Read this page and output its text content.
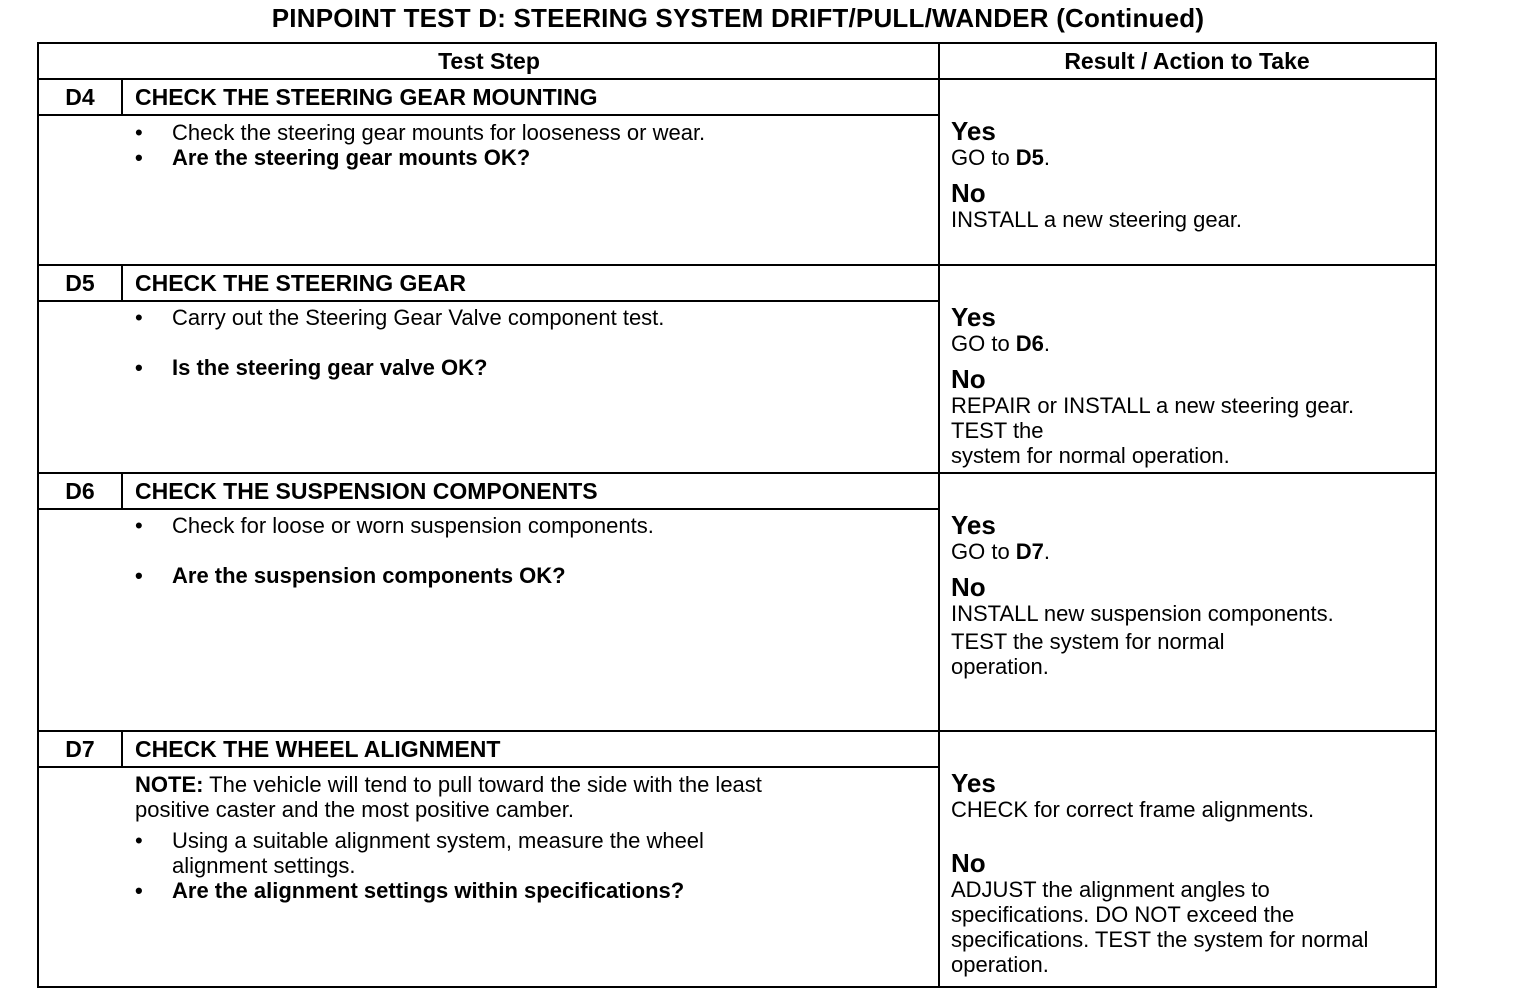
PINPOINT TEST D: STEERING SYSTEM DRIFT/PULL/WANDER (Continued)
Test Step	Result / Action to Take
D4	CHECK THE STEERING GEAR MOUNTING
• Check the steering gear mounts for looseness or wear.
• Are the steering gear mounts OK?
Yes
GO to D5.
No
INSTALL a new steering gear.
D5	CHECK THE STEERING GEAR
• Carry out the Steering Gear Valve component test.
• Is the steering gear valve OK?
Yes
GO to D6.
No
REPAIR or INSTALL a new steering gear.
TEST the
system for normal operation.
D6	CHECK THE SUSPENSION COMPONENTS
• Check for loose or worn suspension components.
• Are the suspension components OK?
Yes
GO to D7.
No
INSTALL new suspension components.
TEST the system for normal
operation.
D7	CHECK THE WHEEL ALIGNMENT
NOTE: The vehicle will tend to pull toward the side with the least
positive caster and the most positive camber.
• Using a suitable alignment system, measure the wheel
alignment settings.
• Are the alignment settings within specifications?
Yes
CHECK for correct frame alignments.
No
ADJUST the alignment angles to
specifications. DO NOT exceed the
specifications. TEST the system for normal
operation.
